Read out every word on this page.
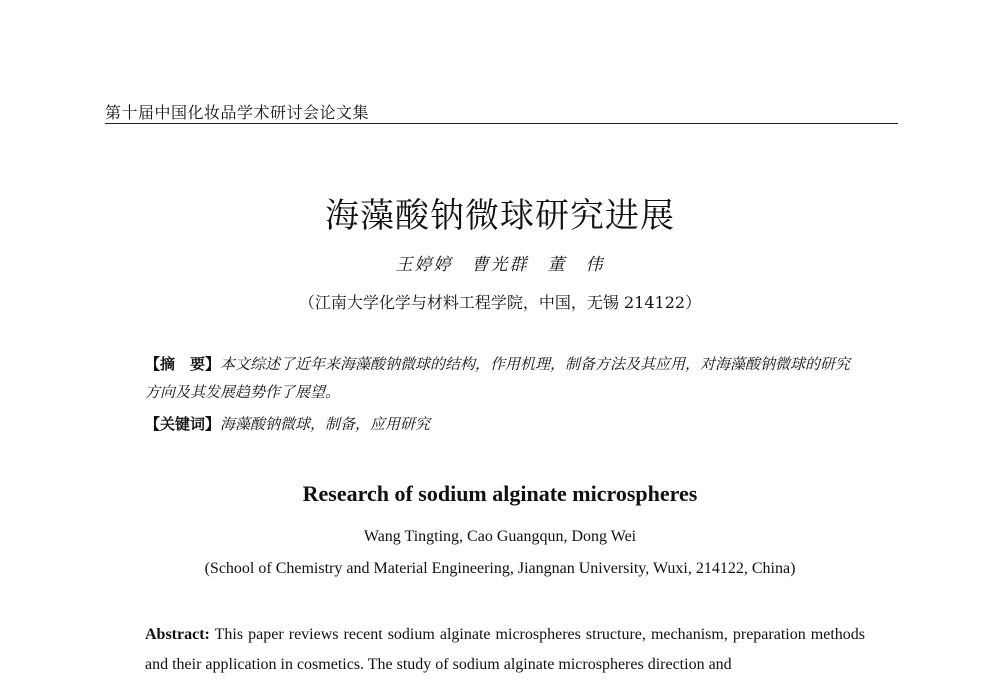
第十届中国化妆品学术研讨会论文集
海藻酸钠微球研究进展
王婷婷　曹光群　董　伟
（江南大学化学与材料工程学院，中国，无锡 214122）
【摘　要】本文综述了近年来海藻酸钠微球的结构，作用机理，制备方法及其应用，对海藻酸钠微球的研究方向及其发展趋势作了展望。
【关键词】海藻酸钠微球，制备，应用研究
Research of sodium alginate microspheres
Wang Tingting, Cao Guangqun, Dong Wei
(School of Chemistry and Material Engineering, Jiangnan University, Wuxi, 214122, China)
Abstract: This paper reviews recent sodium alginate microspheres structure, mechanism, preparation methods and their application in cosmetics. The study of sodium alginate microspheres direction and
